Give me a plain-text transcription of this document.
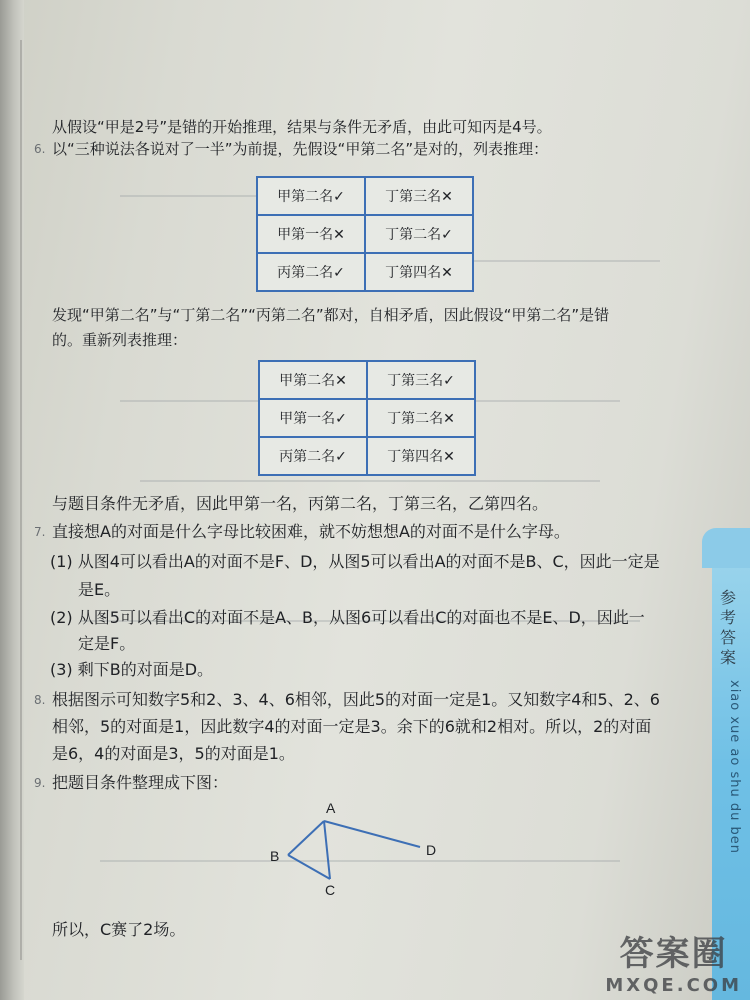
从假设“甲是2号”是错的开始推理，结果与条件无矛盾，由此可知丙是4号。
6. 以“三种说法各说对了一半”为前提，先假设“甲第二名”是对的，列表推理：
甲第二名✓	丁第三名✕
甲第一名✕	丁第二名✓
丙第二名✓	丁第四名✕
发现“甲第二名”与“丁第二名”“丙第二名”都对，自相矛盾，因此假设“甲第二名”是错
的。重新列表推理：
甲第二名✕	丁第三名✓
甲第一名✓	丁第二名✕
丙第二名✓	丁第四名✕
与题目条件无矛盾，因此甲第一名，丙第二名，丁第三名，乙第四名。
7. 直接想A的对面是什么字母比较困难，就不妨想想A的对面不是什么字母。
(1) 从图4可以看出A的对面不是F、D，从图5可以看出A的对面不是B、C，因此一定是
是E。
(2) 从图5可以看出C的对面不是A、B，从图6可以看出C的对面也不是E、D，因此一
定是F。
(3) 剩下B的对面是D。
8. 根据图示可知数字5和2、3、4、6相邻，因此5的对面一定是1。又知数字4和5、2、6
相邻，5的对面是1，因此数字4的对面一定是3。余下的6就和2相对。所以，2的对面
是6，4的对面是3，5的对面是1。
9. 把题目条件整理成下图：
A
B
C
D
所以，C赛了2场。
参考答案
xiao xue ao shu du ben
答案圈
MXQE.COM
